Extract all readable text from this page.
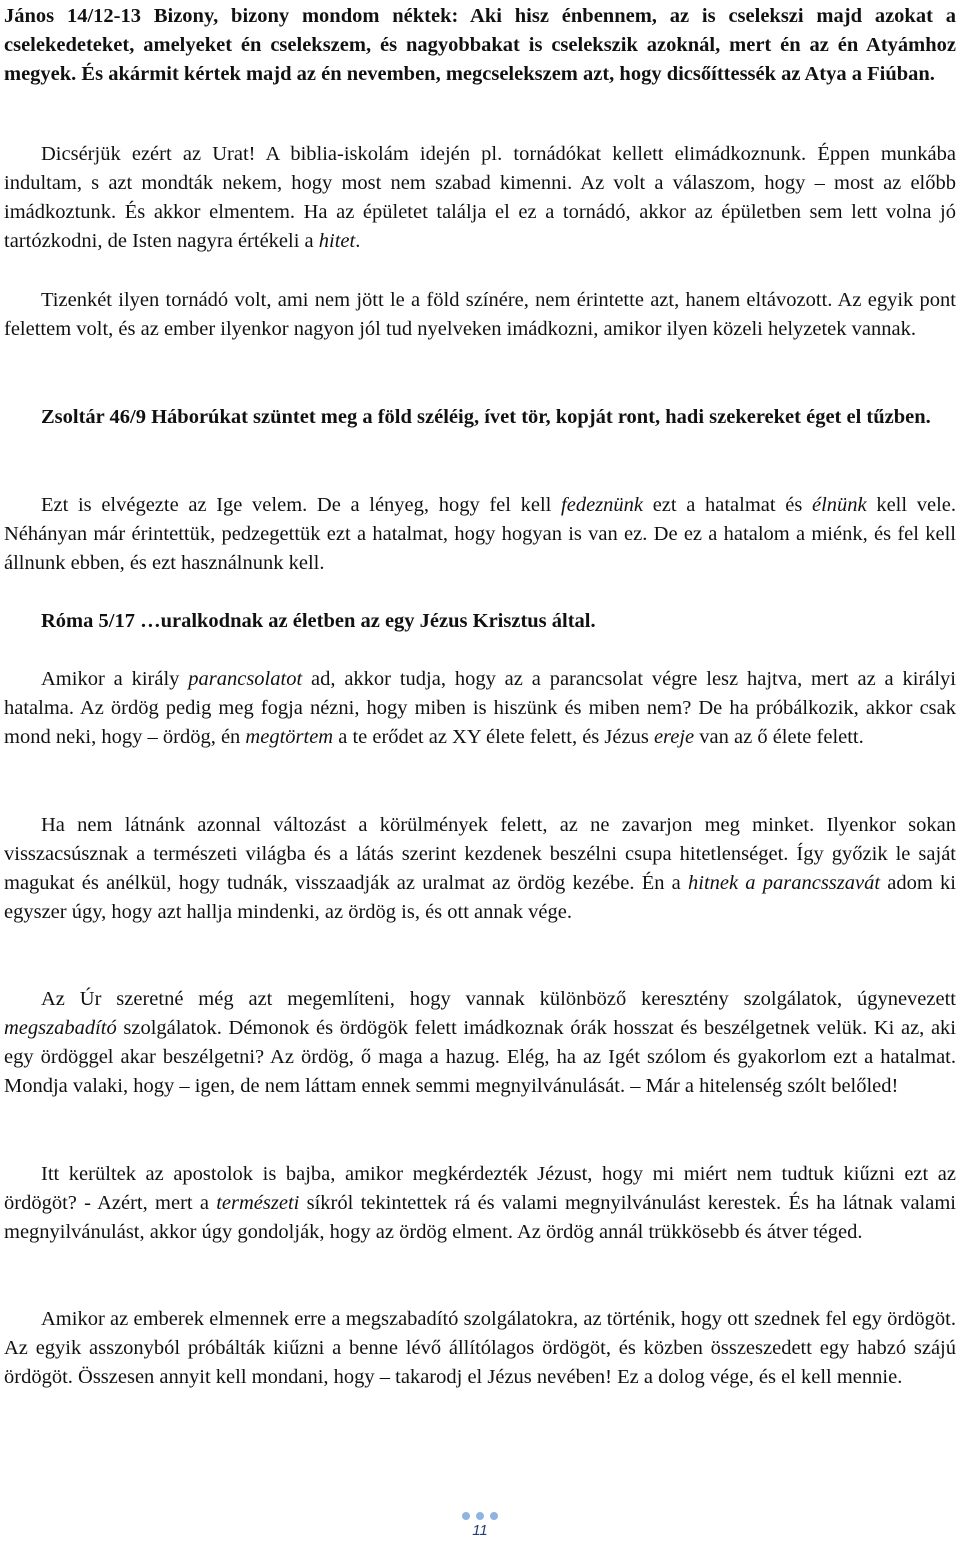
János 14/12-13 Bizony, bizony mondom néktek: Aki hisz énbennem, az is cselekszi majd azokat a cselekedeteket, amelyeket én cselekszem, és nagyobbakat is cselekszik azoknál, mert én az én Atyámhoz megyek. És akármit kértek majd az én nevemben, megcselekszem azt, hogy dicsőíttessék az Atya a Fiúban.

Dicsérjük ezért az Urat! A biblia-iskolám idején pl. tornádókat kellett elimádkoznunk. Éppen munkába indultam, s azt mondták nekem, hogy most nem szabad kimenni. Az volt a válaszom, hogy – most az előbb imádkoztunk. És akkor elmentem. Ha az épületet találja el ez a tornádó, akkor az épületben sem lett volna jó tartózkodni, de Isten nagyra értékeli a hitet.

Tizenkét ilyen tornádó volt, ami nem jött le a föld színére, nem érintette azt, hanem eltávozott. Az egyik pont felettem volt, és az ember ilyenkor nagyon jól tud nyelveken imádkozni, amikor ilyen közeli helyzetek vannak.

Zsoltár 46/9 Háborúkat szüntet meg a föld széléig, ívet tör, kopját ront, hadi szekereket éget el tűzben.

Ezt is elvégezte az Ige velem. De a lényeg, hogy fel kell fedeznünk ezt a hatalmat és élnünk kell vele. Néhányan már érintettük, pedzegettük ezt a hatalmat, hogy hogyan is van ez. De ez a hatalom a miénk, és fel kell állnunk ebben, és ezt használnunk kell.

Róma 5/17 …uralkodnak az életben az egy Jézus Krisztus által.

Amikor a király parancsolatot ad, akkor tudja, hogy az a parancsolat végre lesz hajtva, mert az a királyi hatalma. Az ördög pedig meg fogja nézni, hogy miben is hiszünk és miben nem? De ha próbálkozik, akkor csak mond neki, hogy – ördög, én megtörtem a te erődet az XY élete felett, és Jézus ereje van az ő élete felett.

Ha nem látnánk azonnal változást a körülmények felett, az ne zavarjon meg minket. Ilyenkor sokan visszacsúsznak a természeti világba és a látás szerint kezdenek beszélni csupa hitetlenséget. Így győzik le saját magukat és anélkül, hogy tudnák, visszaadják az uralmat az ördög kezébe. Én a hitnek a parancsszavát adom ki egyszer úgy, hogy azt hallja mindenki, az ördög is, és ott annak vége.

Az Úr szeretné még azt megemlíteni, hogy vannak különböző keresztény szolgálatok, úgynevezett megszabadító szolgálatok. Démonok és ördögök felett imádkoznak órák hosszat és beszélgetnek velük. Ki az, aki egy ördöggel akar beszélgetni? Az ördög, ő maga a hazug. Elég, ha az Igét szólom és gyakorlom ezt a hatalmat. Mondja valaki, hogy – igen, de nem láttam ennek semmi megnyilvánulását. – Már a hitelenség szólt belőled!

Itt kerültek az apostolok is bajba, amikor megkérdezték Jézust, hogy mi miért nem tudtuk kiűzni ezt az ördögöt? - Azért, mert a természeti síkról tekintettek rá és valami megnyilvánulást kerestek. És ha látnak valami megnyilvánulást, akkor úgy gondolják, hogy az ördög elment. Az ördög annál trükkösebb és átver téged.

Amikor az emberek elmennek erre a megszabadító szolgálatokra, az történik, hogy ott szednek fel egy ördögöt. Az egyik asszonyból próbálták kiűzni a benne lévő állítólagos ördögöt, és közben összeszedett egy habzó szájú ördögöt. Összesen annyit kell mondani, hogy – takarodj el Jézus nevében! Ez a dolog vége, és el kell mennie.

11
